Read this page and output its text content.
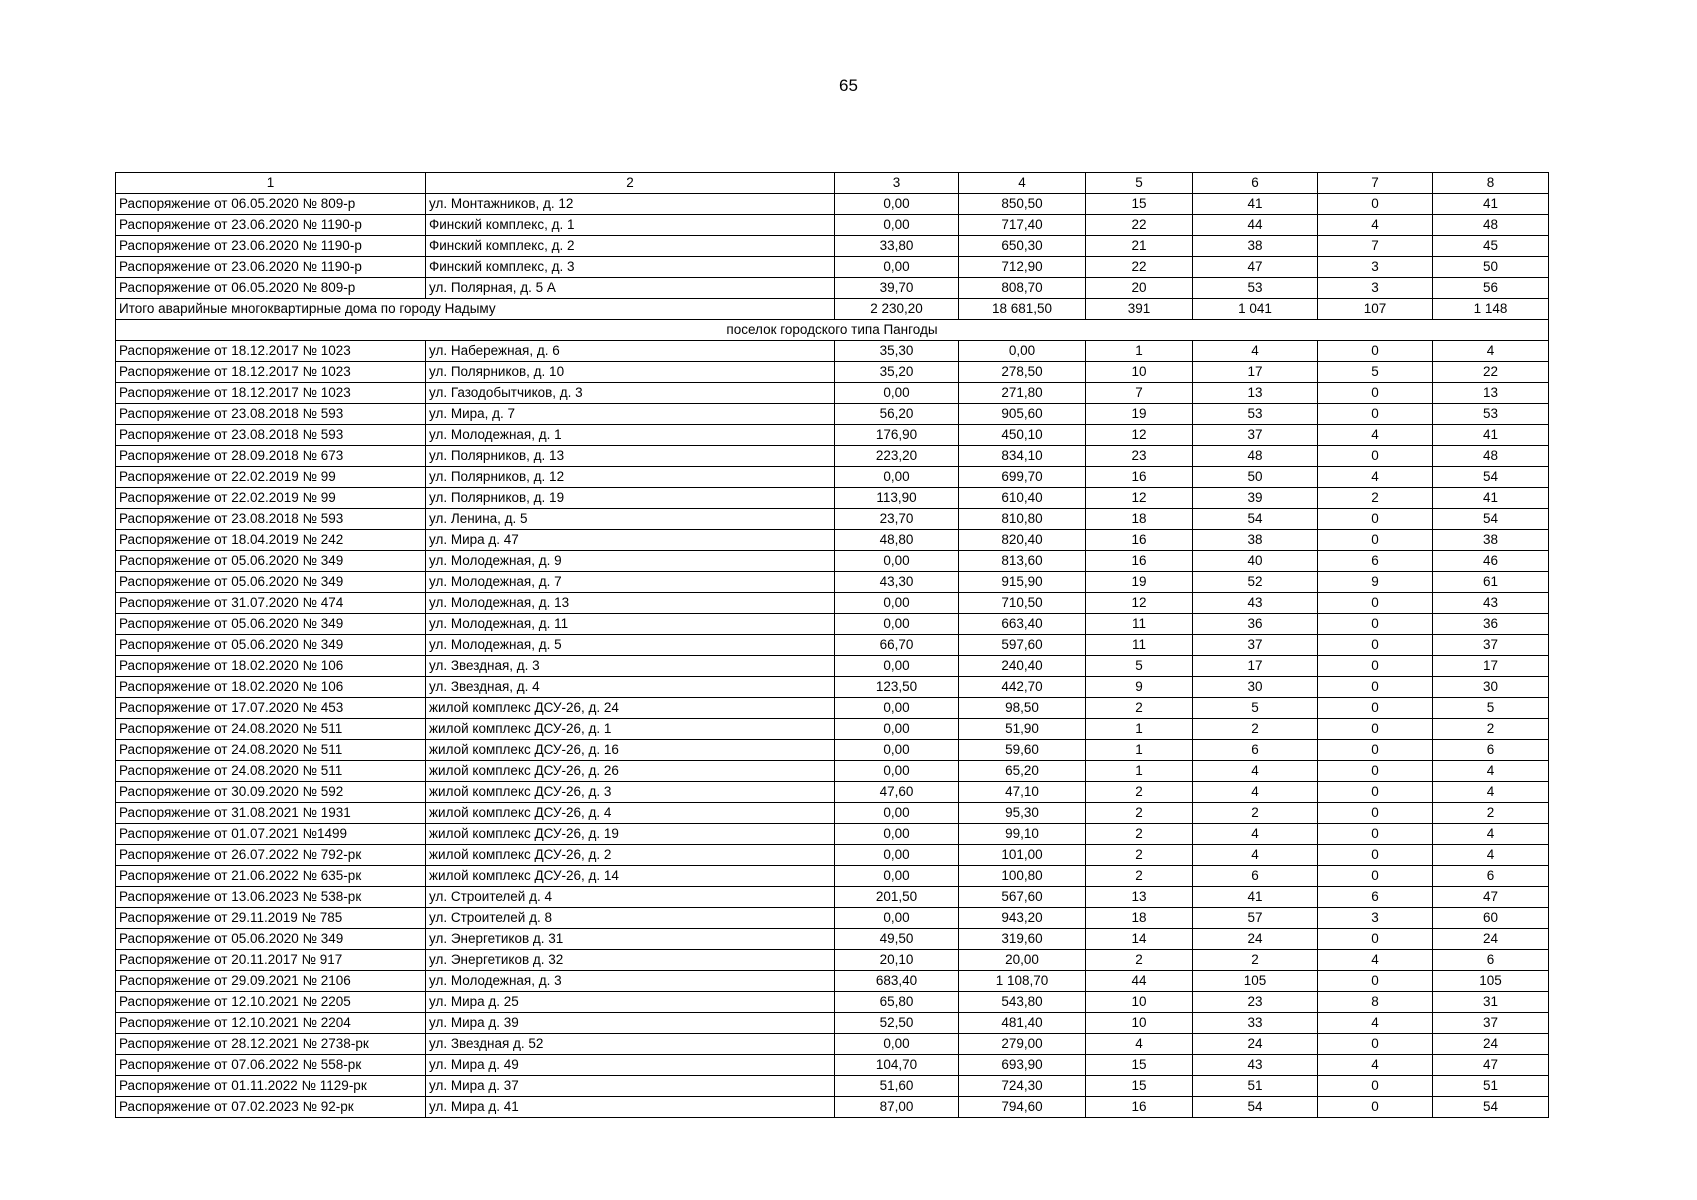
65
1	2	3	4	5	6	7	8
Распоряжение от 06.05.2020 № 809-р	ул. Монтажников, д. 12	0,00	850,50	15	41	0	41
Распоряжение от 23.06.2020 № 1190-р	Финский комплекс, д. 1	0,00	717,40	22	44	4	48
Распоряжение от 23.06.2020 № 1190-р	Финский комплекс, д. 2	33,80	650,30	21	38	7	45
Распоряжение от 23.06.2020 № 1190-р	Финский комплекс, д. 3	0,00	712,90	22	47	3	50
Распоряжение от 06.05.2020 № 809-р	ул. Полярная, д. 5 А	39,70	808,70	20	53	3	56
Итого аварийные многоквартирные дома по городу Надыму		2 230,20	18 681,50	391	1 041	107	1 148
поселок городского типа Пангоды							
Распоряжение от 18.12.2017 № 1023	ул. Набережная, д. 6	35,30	0,00	1	4	0	4
Распоряжение от 18.12.2017 № 1023	ул. Полярников, д. 10	35,20	278,50	10	17	5	22
Распоряжение от 18.12.2017 № 1023	ул. Газодобытчиков, д. 3	0,00	271,80	7	13	0	13
Распоряжение от 23.08.2018 № 593	ул. Мира, д. 7	56,20	905,60	19	53	0	53
Распоряжение от 23.08.2018 № 593	ул. Молодежная, д. 1	176,90	450,10	12	37	4	41
Распоряжение от 28.09.2018 № 673	ул. Полярников, д. 13	223,20	834,10	23	48	0	48
Распоряжение от 22.02.2019 № 99	ул. Полярников, д. 12	0,00	699,70	16	50	4	54
Распоряжение от 22.02.2019 № 99	ул. Полярников, д. 19	113,90	610,40	12	39	2	41
Распоряжение от 23.08.2018 № 593	ул. Ленина, д. 5	23,70	810,80	18	54	0	54
Распоряжение от 18.04.2019 № 242	ул. Мира д. 47	48,80	820,40	16	38	0	38
Распоряжение от 05.06.2020 № 349	ул. Молодежная, д. 9	0,00	813,60	16	40	6	46
Распоряжение от 05.06.2020 № 349	ул. Молодежная, д. 7	43,30	915,90	19	52	9	61
Распоряжение от 31.07.2020 № 474	ул. Молодежная, д. 13	0,00	710,50	12	43	0	43
Распоряжение от 05.06.2020 № 349	ул. Молодежная, д. 11	0,00	663,40	11	36	0	36
Распоряжение от 05.06.2020 № 349	ул. Молодежная, д. 5	66,70	597,60	11	37	0	37
Распоряжение от 18.02.2020 № 106	ул. Звездная, д. 3	0,00	240,40	5	17	0	17
Распоряжение от 18.02.2020 № 106	ул. Звездная, д. 4	123,50	442,70	9	30	0	30
Распоряжение от 17.07.2020 № 453	жилой комплекс ДСУ-26, д. 24	0,00	98,50	2	5	0	5
Распоряжение от 24.08.2020 № 511	жилой комплекс ДСУ-26, д. 1	0,00	51,90	1	2	0	2
Распоряжение от 24.08.2020 № 511	жилой комплекс ДСУ-26, д. 16	0,00	59,60	1	6	0	6
Распоряжение от 24.08.2020 № 511	жилой комплекс ДСУ-26, д. 26	0,00	65,20	1	4	0	4
Распоряжение от 30.09.2020 № 592	жилой комплекс ДСУ-26, д. 3	47,60	47,10	2	4	0	4
Распоряжение от 31.08.2021 № 1931	жилой комплекс ДСУ-26, д. 4	0,00	95,30	2	2	0	2
Распоряжение от 01.07.2021 №1499	жилой комплекс ДСУ-26, д. 19	0,00	99,10	2	4	0	4
Распоряжение от 26.07.2022 № 792-рк	жилой комплекс ДСУ-26, д. 2	0,00	101,00	2	4	0	4
Распоряжение от 21.06.2022 № 635-рк	жилой комплекс ДСУ-26, д. 14	0,00	100,80	2	6	0	6
Распоряжение от 13.06.2023 № 538-рк	ул. Строителей д. 4	201,50	567,60	13	41	6	47
Распоряжение от 29.11.2019 № 785	ул. Строителей д. 8	0,00	943,20	18	57	3	60
Распоряжение от 05.06.2020 № 349	ул. Энергетиков д. 31	49,50	319,60	14	24	0	24
Распоряжение от 20.11.2017 № 917	ул. Энергетиков д. 32	20,10	20,00	2	2	4	6
Распоряжение от 29.09.2021 № 2106	ул. Молодежная, д. 3	683,40	1 108,70	44	105	0	105
Распоряжение от 12.10.2021 № 2205	ул. Мира д. 25	65,80	543,80	10	23	8	31
Распоряжение от 12.10.2021 № 2204	ул. Мира д. 39	52,50	481,40	10	33	4	37
Распоряжение от 28.12.2021 № 2738-рк	ул. Звездная д. 52	0,00	279,00	4	24	0	24
Распоряжение от 07.06.2022 № 558-рк	ул. Мира д. 49	104,70	693,90	15	43	4	47
Распоряжение от 01.11.2022 № 1129-рк	ул. Мира д. 37	51,60	724,30	15	51	0	51
Распоряжение от 07.02.2023 № 92-рк	ул. Мира д. 41	87,00	794,60	16	54	0	54
